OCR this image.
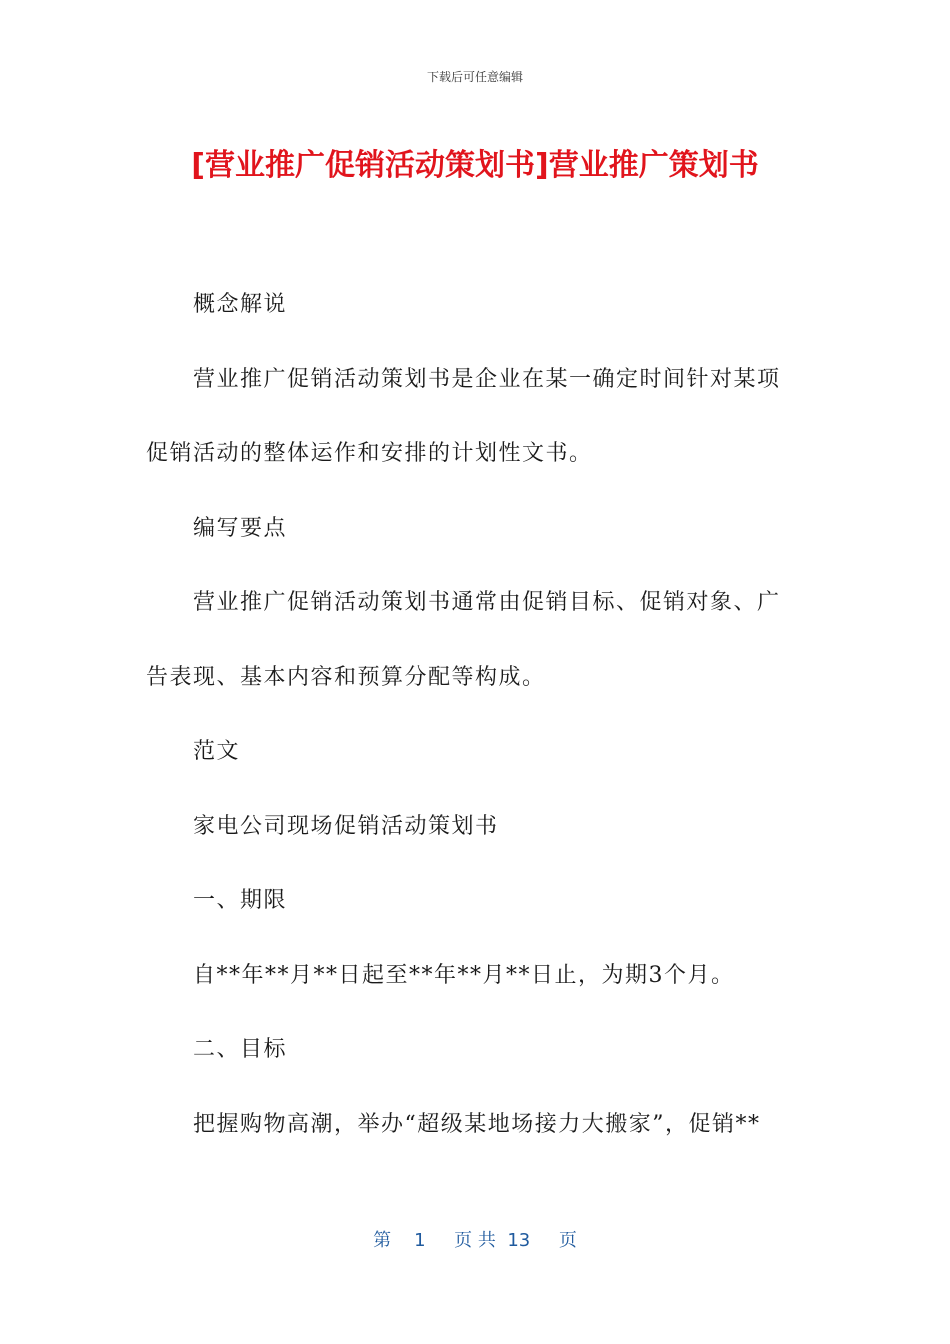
下载后可任意编辑
[营业推广促销活动策划书]营业推广策划书

概念解说

营业推广促销活动策划书是企业在某一确定时间针对某项促销活动的整体运作和安排的计划性文书。

编写要点

营业推广促销活动策划书通常由促销目标、促销对象、广告表现、基本内容和预算分配等构成。

范文

家电公司现场促销活动策划书

一、期限

自**年**月**日起至**年**月**日止，为期3个月。

二、目标

把握购物高潮，举办“超级某地场接力大搬家”，促销**

第 1 页 共 13 页
